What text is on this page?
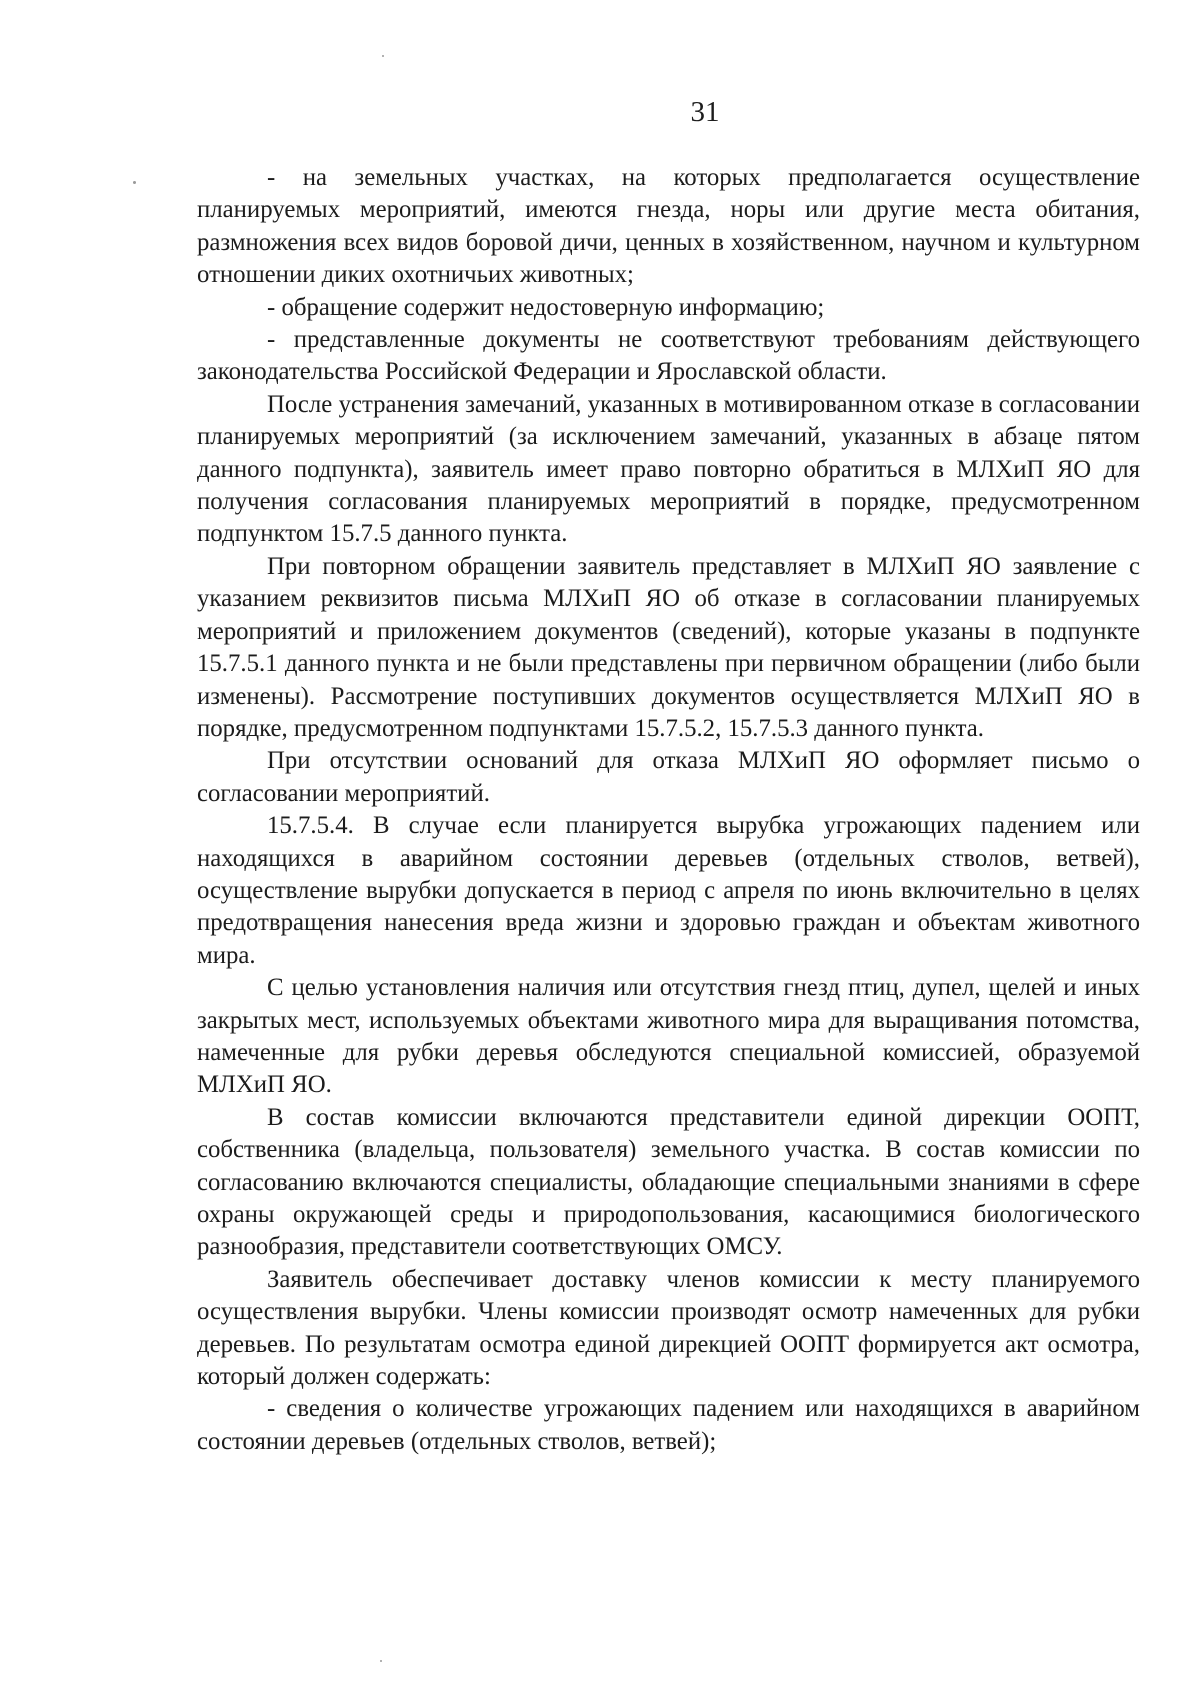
31

- на земельных участках, на которых предполагается осуществление планируемых мероприятий, имеются гнезда, норы или другие места обитания, размножения всех видов боровой дичи, ценных в хозяйственном, научном и культурном отношении диких охотничьих животных;

- обращение содержит недостоверную информацию;

- представленные документы не соответствуют требованиям действующего законодательства Российской Федерации и Ярославской области.

После устранения замечаний, указанных в мотивированном отказе в согласовании планируемых мероприятий (за исключением замечаний, указанных в абзаце пятом данного подпункта), заявитель имеет право повторно обратиться в МЛХиП ЯО для получения согласования планируемых мероприятий в порядке, предусмотренном подпунктом 15.7.5 данного пункта.

При повторном обращении заявитель представляет в МЛХиП ЯО заявление с указанием реквизитов письма МЛХиП ЯО об отказе в согласовании планируемых мероприятий и приложением документов (сведений), которые указаны в подпункте 15.7.5.1 данного пункта и не были представлены при первичном обращении (либо были изменены). Рассмотрение поступивших документов осуществляется МЛХиП ЯО в порядке, предусмотренном подпунктами 15.7.5.2, 15.7.5.3 данного пункта.

При отсутствии оснований для отказа МЛХиП ЯО оформляет письмо о согласовании мероприятий.

15.7.5.4. В случае если планируется вырубка угрожающих падением или находящихся в аварийном состоянии деревьев (отдельных стволов, ветвей), осуществление вырубки допускается в период с апреля по июнь включительно в целях предотвращения нанесения вреда жизни и здоровью граждан и объектам животного мира.

С целью установления наличия или отсутствия гнезд птиц, дупел, щелей и иных закрытых мест, используемых объектами животного мира для выращивания потомства, намеченные для рубки деревья обследуются специальной комиссией, образуемой МЛХиП ЯО.

В состав комиссии включаются представители единой дирекции ООПТ, собственника (владельца, пользователя) земельного участка. В состав комиссии по согласованию включаются специалисты, обладающие специальными знаниями в сфере охраны окружающей среды и природопользования, касающимися биологического разнообразия, представители соответствующих ОМСУ.

Заявитель обеспечивает доставку членов комиссии к месту планируемого осуществления вырубки. Члены комиссии производят осмотр намеченных для рубки деревьев. По результатам осмотра единой дирекцией ООПТ формируется акт осмотра, который должен содержать:

- сведения о количестве угрожающих падением или находящихся в аварийном состоянии деревьев (отдельных стволов, ветвей);
